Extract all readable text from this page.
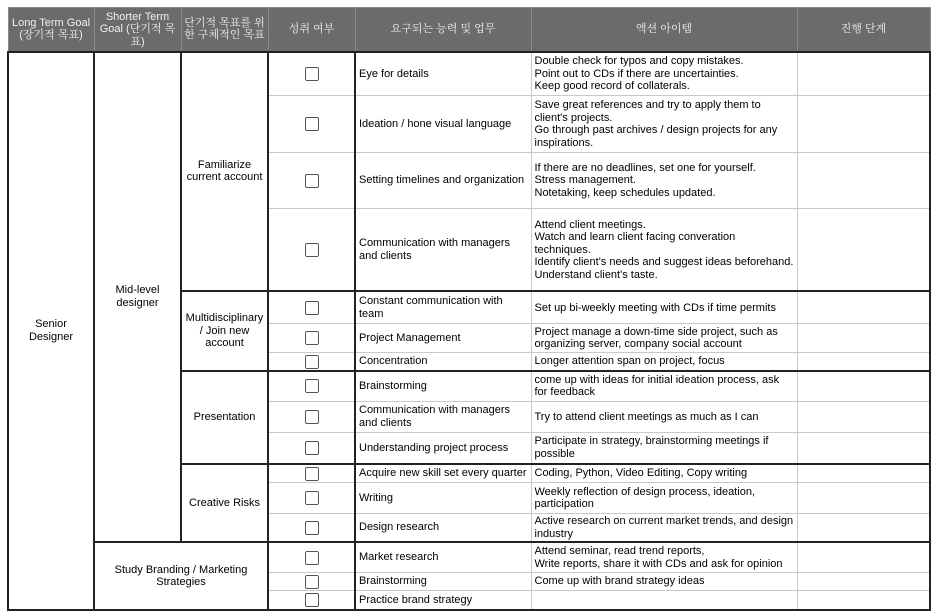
Long Term Goal (장기적 목표)	Shorter Term Goal (단기적 목표)	단기적 목표를 위한 구체적인 목표	성취 여부	요구되는 능력 및 업무	액션 아이템	진행 단계
Senior Designer	Mid-level designer	Familiarize current account		Eye for details	Double check for typos and copy mistakes.
Point out to CDs if there are uncertainties.
Keep good record of collaterals.	

				Ideation / hone visual language	Save great references and try to apply them to client's projects.
Go through past archives / design projects for any inspirations.	

				Setting timelines and organization	If there are no deadlines, set one for yourself.
Stress management.
Notetaking, keep schedules updated.	

				Communication with managers and clients	Attend client meetings.
Watch and learn client facing converation techniques.
Identify client's needs and suggest ideas beforehand.
Understand client's taste.	

		Multidisciplinary / Join new account		Constant communication with team	Set up bi-weekly meeting with CDs if time permits	

				Project Management	Project manage a down-time side project, such as organizing server, company social account	

				Concentration	Longer attention span on project, focus	

		Presentation		Brainstorming	come up with ideas for initial ideation process, ask for feedback	

				Communication with managers and clients	Try to attend client meetings as much as I can	

				Understanding project process	Participate in strategy, brainstorming meetings if possible	

		Creative Risks		Acquire new skill set every quarter	Coding, Python, Video Editing, Copy writing	

				Writing	Weekly reflection of design process, ideation, participation	

				Design research	Active research on current market trends, and design industry	

	Study Branding / Marketing Strategies			Market research	Attend seminar, read trend reports,
Write reports, share it with CDs and ask for opinion	

				Brainstorming	Come up with brand strategy ideas	

				Practice brand strategy	
